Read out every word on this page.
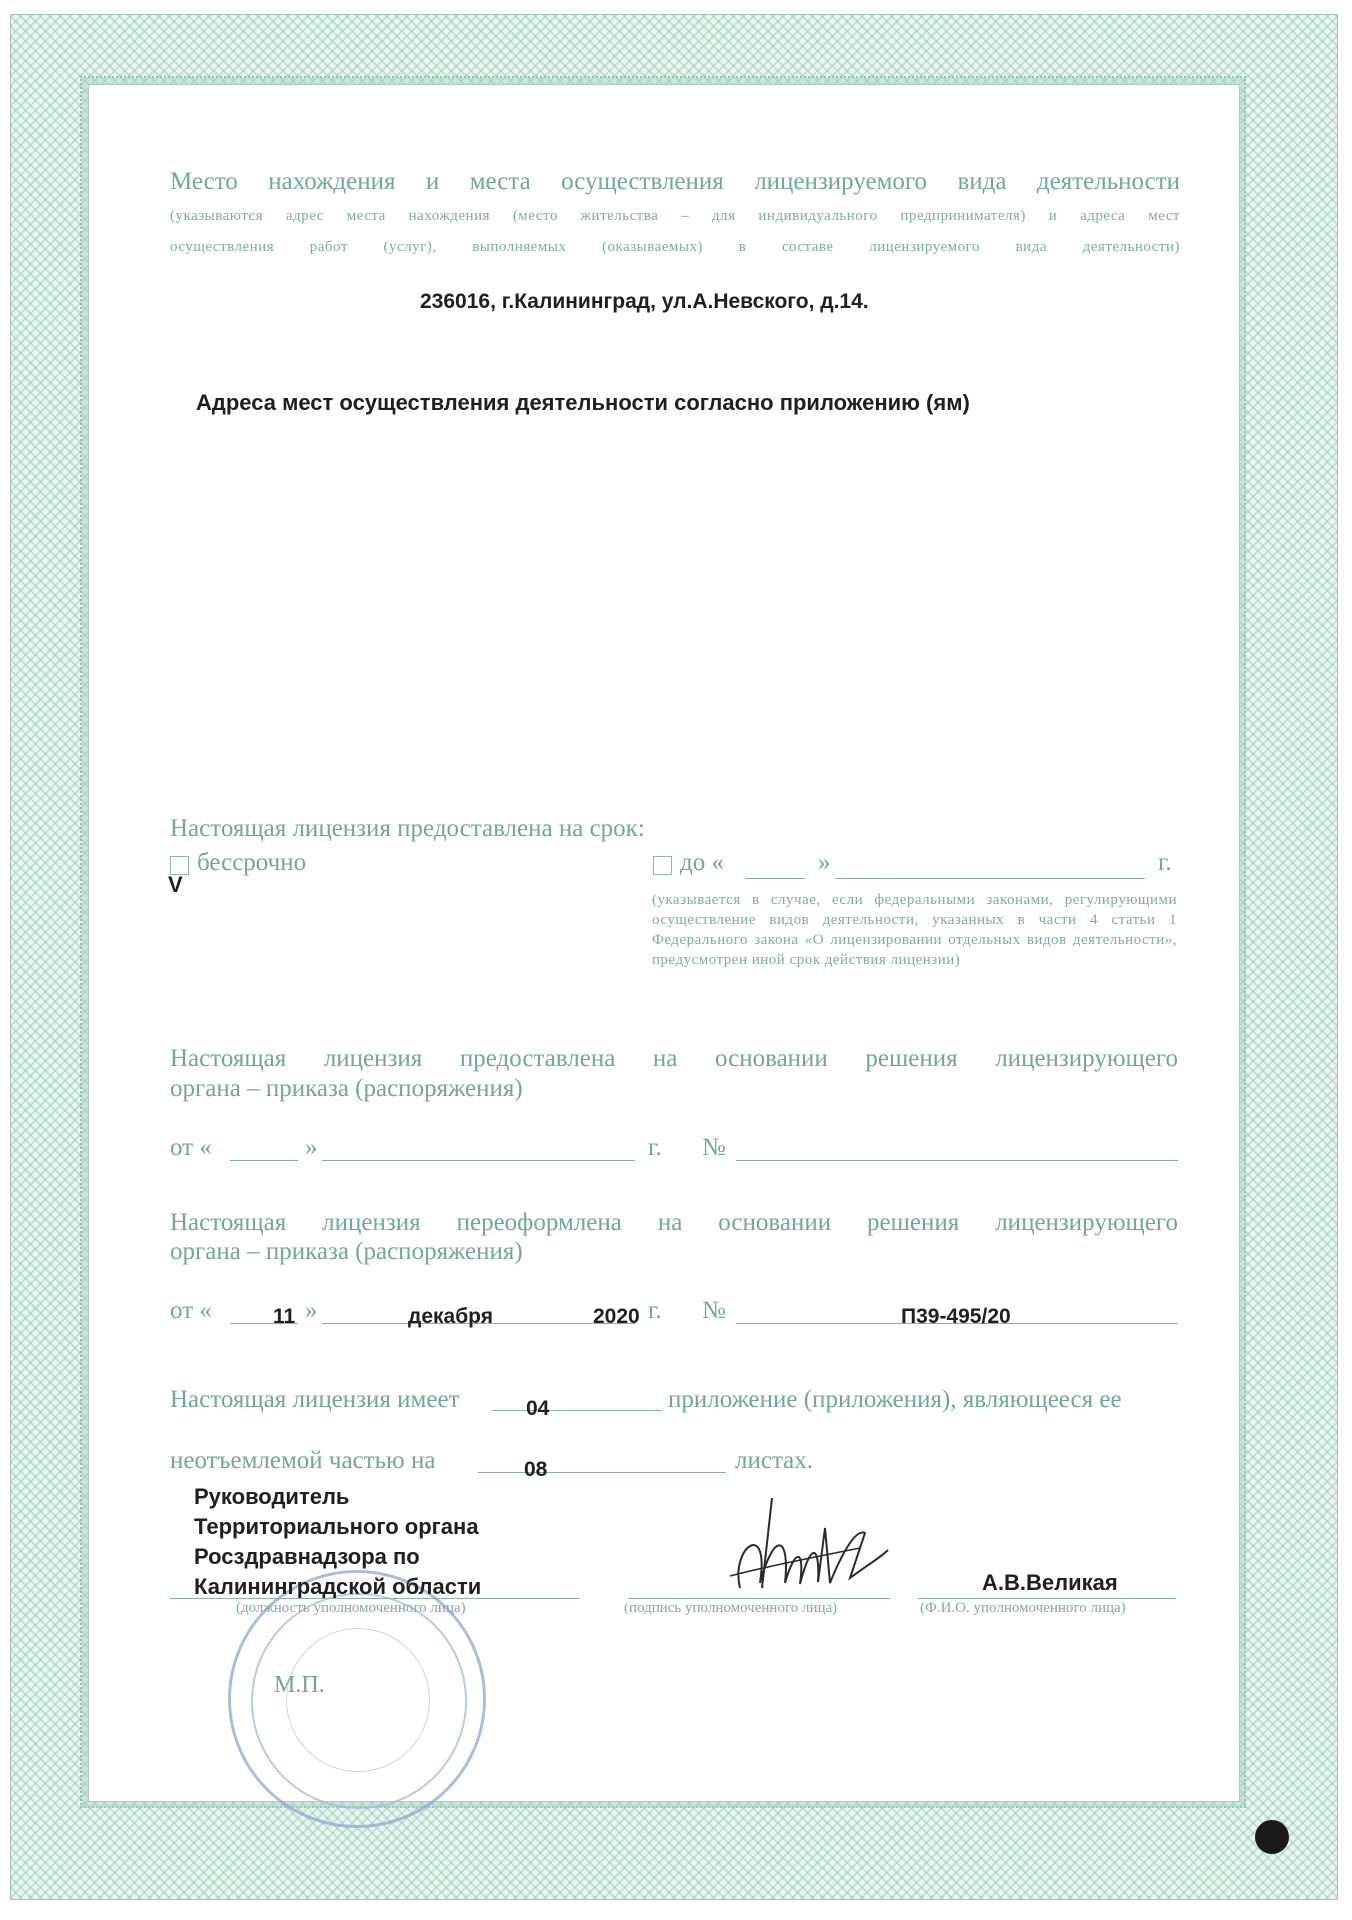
Место нахождения и места осуществления лицензируемого вида деятельности
(указываются адрес места нахождения (место жительства – для индивидуального предпринимателя) и адреса мест
осуществления работ (услуг), выполняемых (оказываемых) в составе лицензируемого вида деятельности)
236016, г.Калининград, ул.А.Невского, д.14.
Адреса мест осуществления деятельности согласно приложению (ям)
Настоящая лицензия предоставлена на срок:
V
бессрочно	до «	»	г.
(указывается в случае, если федеральными законами, регулирующими осуществление видов деятельности, указанных в части 4 статьи 1 Федерального закона «О лицензировании отдельных видов деятельности», предусмотрен иной срок действия лицензии)
Настоящая лицензия предоставлена на основании решения лицензирующего
органа – приказа (распоряжения)
от «	»	г. №
Настоящая лицензия переоформлена на основании решения лицензирующего
органа – приказа (распоряжения)
от «	11 »	декабря	2020 г. №	П39-495/20
Настоящая лицензия имеет	04	приложение (приложения), являющееся ее
неотъемлемой частью на	08	листах.
Руководитель
Территориального органа
Росздравнадзора по
Калининградской области
(должность уполномоченного лица)	(подпись уполномоченного лица)
А.В.Великая
(Ф.И.О. уполномоченного лица)
М.П.
